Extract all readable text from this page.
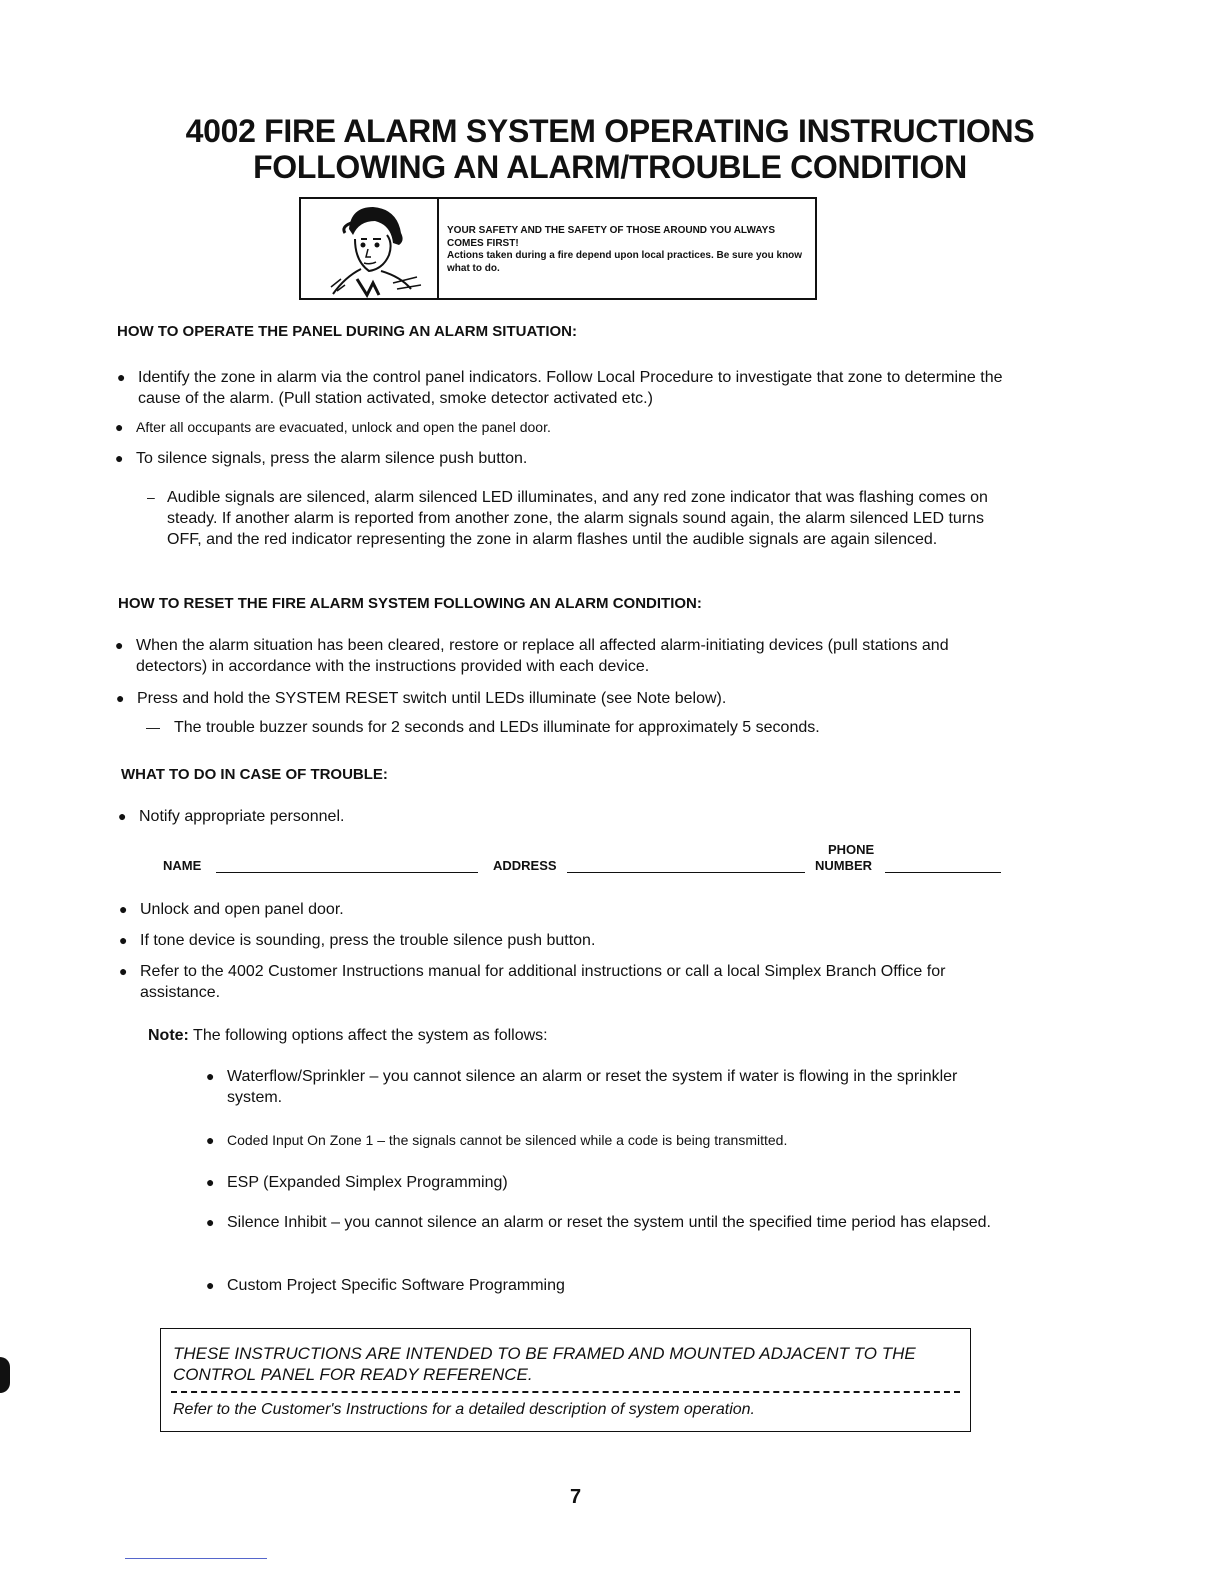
4002 FIRE ALARM SYSTEM OPERATING INSTRUCTIONS
FOLLOWING AN ALARM/TROUBLE CONDITION
YOUR SAFETY AND THE SAFETY OF THOSE AROUND YOU ALWAYS COMES FIRST!
Actions taken during a fire depend upon local practices. Be sure you know what to do.
HOW TO OPERATE THE PANEL DURING AN ALARM SITUATION:
● Identify the zone in alarm via the control panel indicators. Follow Local Procedure to investigate that zone to determine the cause of the alarm. (Pull station activated, smoke detector activated etc.)
● After all occupants are evacuated, unlock and open the panel door.
● To silence signals, press the alarm silence push button.
– Audible signals are silenced, alarm silenced LED illuminates, and any red zone indicator that was flashing comes on steady. If another alarm is reported from another zone, the alarm signals sound again, the alarm silenced LED turns OFF, and the red indicator representing the zone in alarm flashes until the audible signals are again silenced.
HOW TO RESET THE FIRE ALARM SYSTEM FOLLOWING AN ALARM CONDITION:
● When the alarm situation has been cleared, restore or replace all affected alarm-initiating devices (pull stations and detectors) in accordance with the instructions provided with each device.
● Press and hold the SYSTEM RESET switch until LEDs illuminate (see Note below).
— The trouble buzzer sounds for 2 seconds and LEDs illuminate for approximately 5 seconds.
WHAT TO DO IN CASE OF TROUBLE:
● Notify appropriate personnel.
NAME	ADDRESS
PHONE
NUMBER
● Unlock and open panel door.
● If tone device is sounding, press the trouble silence push button.
● Refer to the 4002 Customer Instructions manual for additional instructions or call a local Simplex Branch Office for assistance.
Note: The following options affect the system as follows:
● Waterflow/Sprinkler – you cannot silence an alarm or reset the system if water is flowing in the sprinkler system.
● Coded Input On Zone 1 – the signals cannot be silenced while a code is being transmitted.
● ESP (Expanded Simplex Programming)
● Silence Inhibit – you cannot silence an alarm or reset the system until the specified time period has elapsed.
● Custom Project Specific Software Programming
THESE INSTRUCTIONS ARE INTENDED TO BE FRAMED AND MOUNTED ADJACENT TO THE CONTROL PANEL FOR READY REFERENCE.
Refer to the Customer's Instructions for a detailed description of system operation.
7
